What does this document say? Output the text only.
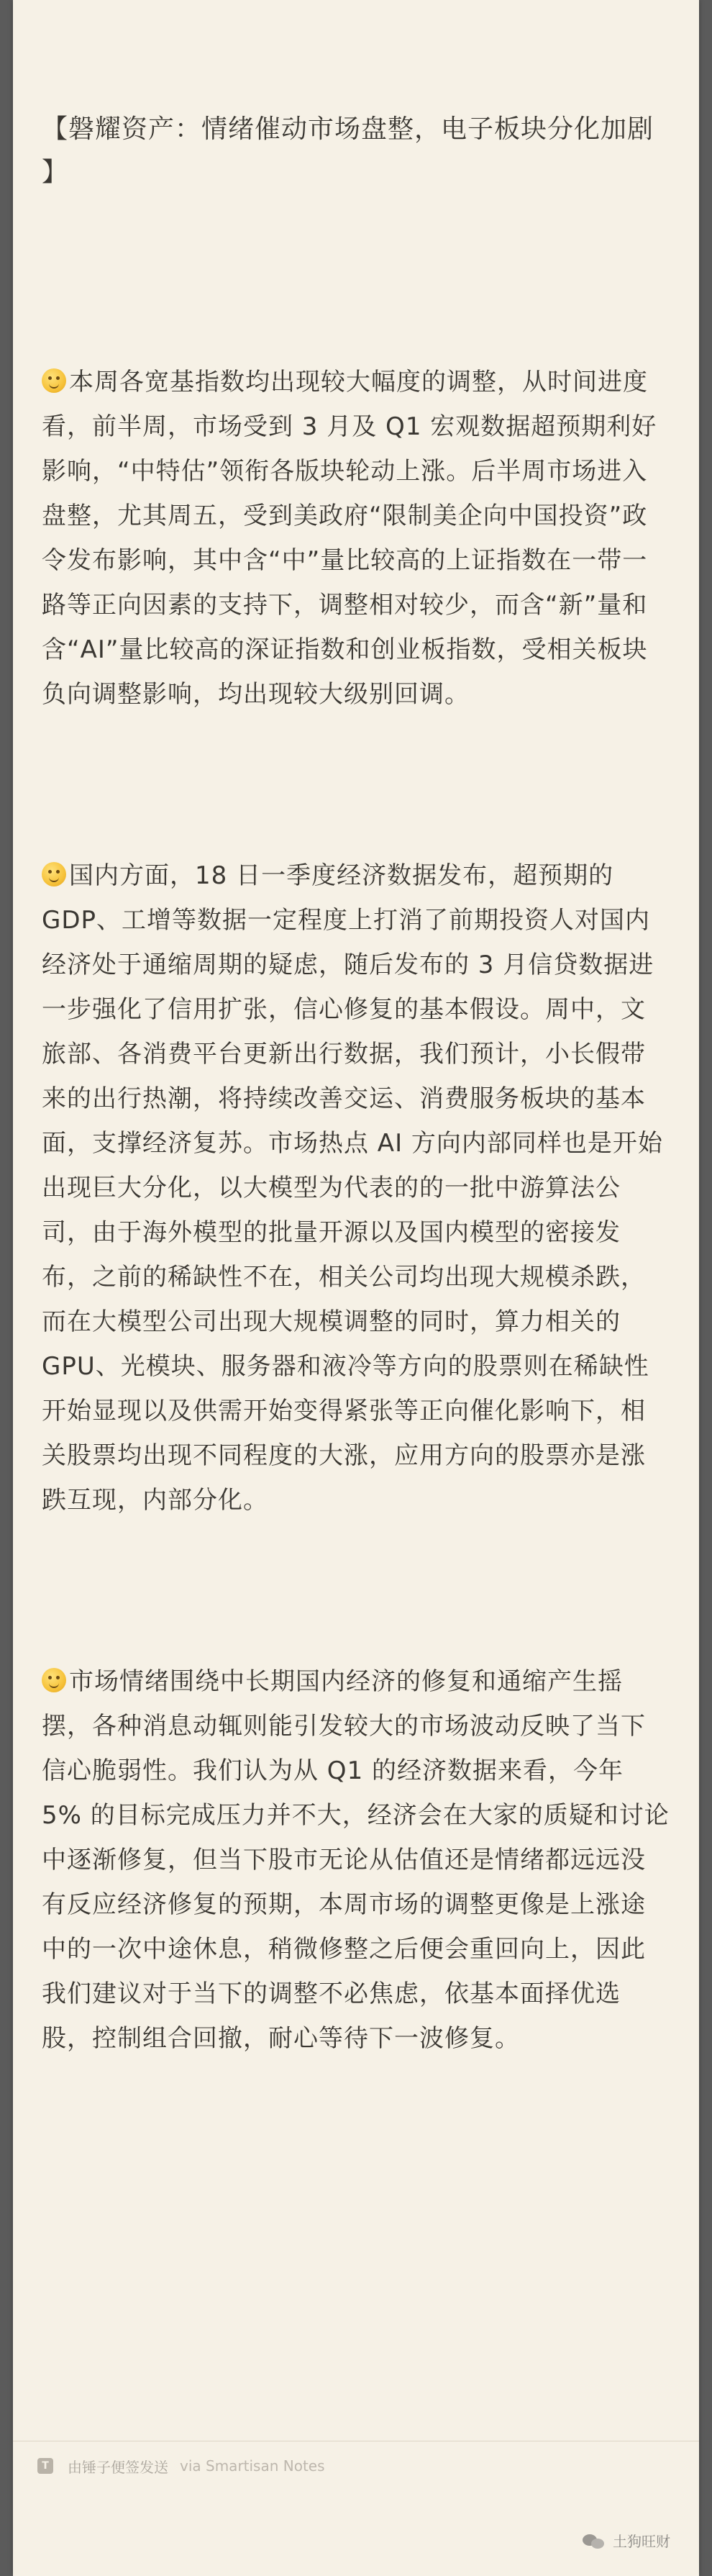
【磐耀资产：情绪催动市场盘整，电子板块分化加剧 】

本周各宽基指数均出现较大幅度的调整，从时间进度看，前半周，市场受到 3 月及 Q1 宏观数据超预期利好影响，“中特估”领衔各版块轮动上涨。后半周市场进入盘整，尤其周五，受到美政府“限制美企向中国投资”政令发布影响，其中含“中”量比较高的上证指数在一带一路等正向因素的支持下，调整相对较少，而含“新”量和含“AI”量比较高的深证指数和创业板指数，受相关板块负向调整影响，均出现较大级别回调。

国内方面，18 日一季度经济数据发布，超预期的 GDP、工增等数据一定程度上打消了前期投资人对国内经济处于通缩周期的疑虑，随后发布的 3 月信贷数据进一步强化了信用扩张，信心修复的基本假设。周中，文旅部、各消费平台更新出行数据，我们预计，小长假带来的出行热潮，将持续改善交运、消费服务板块的基本面，支撑经济复苏。市场热点 AI 方向内部同样也是开始出现巨大分化，以大模型为代表的的一批中游算法公司，由于海外模型的批量开源以及国内模型的密接发布，之前的稀缺性不在，相关公司均出现大规模杀跌，而在大模型公司出现大规模调整的同时，算力相关的 GPU、光模块、服务器和液冷等方向的股票则在稀缺性开始显现以及供需开始变得紧张等正向催化影响下，相关股票均出现不同程度的大涨，应用方向的股票亦是涨跌互现，内部分化。

市场情绪围绕中长期国内经济的修复和通缩产生摇摆，各种消息动辄则能引发较大的市场波动反映了当下信心脆弱性。我们认为从 Q1 的经济数据来看，今年 5% 的目标完成压力并不大，经济会在大家的质疑和讨论中逐渐修复，但当下股市无论从估值还是情绪都远远没有反应经济修复的预期，本周市场的调整更像是上涨途中的一次中途休息，稍微修整之后便会重回向上，因此我们建议对于当下的调整不必焦虑，依基本面择优选股，控制组合回撤，耐心等待下一波修复。

T	由锤子便签发送 via Smartisan Notes
土狗旺财
